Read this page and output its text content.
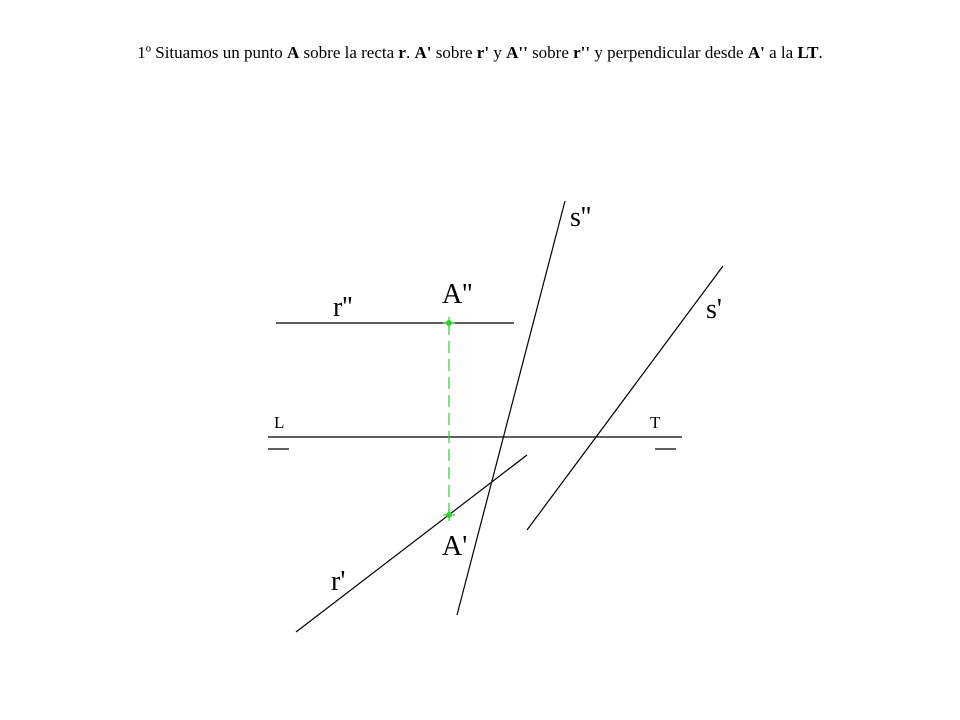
1º Situamos un punto A sobre la recta r. A' sobre r' y A'' sobre r'' y perpendicular desde A' a la LT.
s''
s'
r''	A''
A'
r'
L	T
